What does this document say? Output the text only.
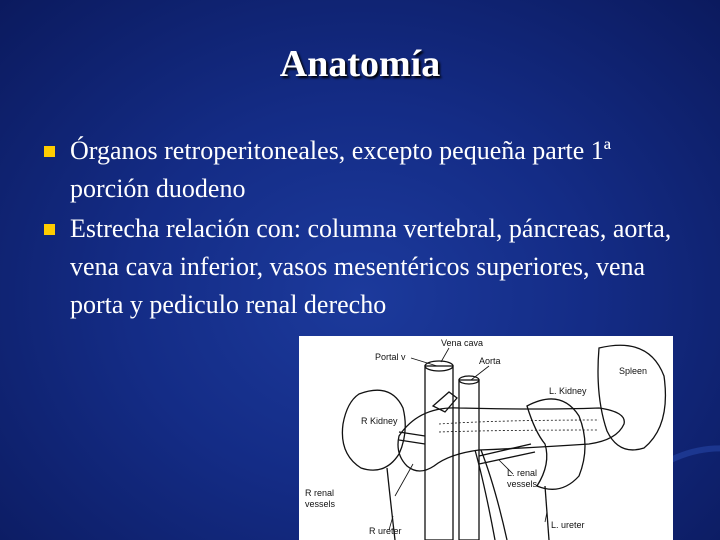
Anatomía
Órganos retroperitoneales, excepto pequeña parte 1ª porción duodeno
Estrecha relación con: columna vertebral, páncreas, aorta, vena cava inferior, vasos mesentéricos superiores, vena porta y pediculo renal derecho
Portal v
Vena cava
Aorta
Spleen
L. Kidney
R Kidney
L. renal
vessels
R renal
vessels
R ureter
L. ureter
